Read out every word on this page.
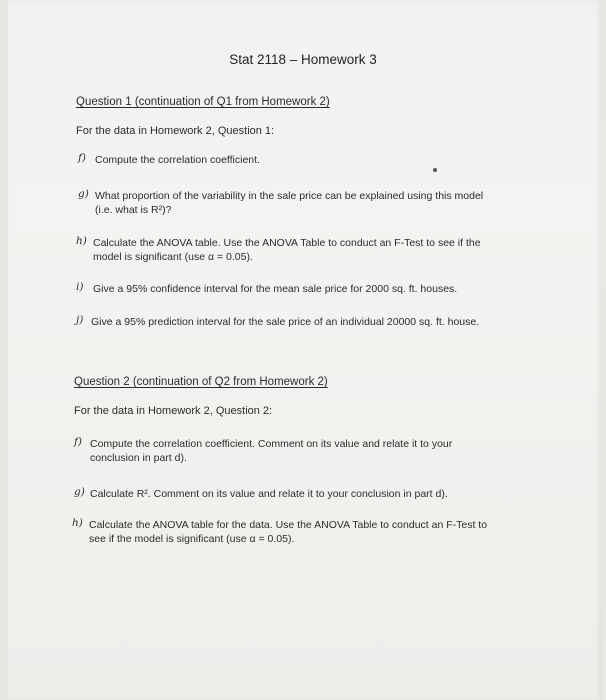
Stat 2118 – Homework 3
Question 1 (continuation of Q1 from Homework 2)
For the data in Homework 2, Question 1:
f) Compute the correlation coefficient.
g) What proportion of the variability in the sale price can be explained using this model
(i.e. what is R²)?
h) Calculate the ANOVA table. Use the ANOVA Table to conduct an F-Test to see if the
model is significant (use α = 0.05).
i) Give a 95% confidence interval for the mean sale price for 2000 sq. ft. houses.
j) Give a 95% prediction interval for the sale price of an individual 20000 sq. ft. house.
Question 2 (continuation of Q2 from Homework 2)
For the data in Homework 2, Question 2:
f) Compute the correlation coefficient. Comment on its value and relate it to your
conclusion in part d).
g) Calculate R². Comment on its value and relate it to your conclusion in part d).
h) Calculate the ANOVA table for the data. Use the ANOVA Table to conduct an F-Test to
see if the model is significant (use α = 0.05).
